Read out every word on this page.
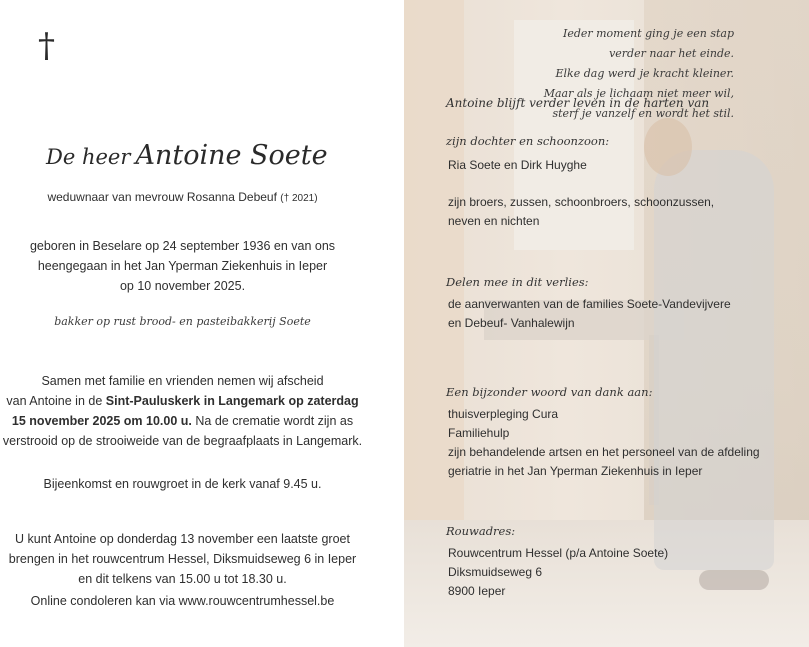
†	Ieder moment ging je een stap
verder naar het einde.
Elke dag werd je kracht kleiner.
Maar als je lichaam niet meer wil,
sterf je vanzelf en wordt het stil.
De heer Antoine Soete
weduwnaar van mevrouw Rosanna Debeuf († 2021)
geboren in Beselare op 24 september 1936 en van ons
heengegaan in het Jan Yperman Ziekenhuis in Ieper
op 10 november 2025.
bakker op rust brood- en pasteibakkerij Soete
Samen met familie en vrienden nemen wij afscheid
van Antoine in de Sint-Pauluskerk in Langemark op zaterdag
15 november 2025 om 10.00 u. Na de crematie wordt zijn as
verstrooid op de strooiweide van de begraafplaats in Langemark.
Bijeenkomst en rouwgroet in de kerk vanaf 9.45 u.
U kunt Antoine op donderdag 13 november een laatste groet
brengen in het rouwcentrum Hessel, Diksmuidseweg 6 in Ieper
en dit telkens van 15.00 u tot 18.30 u.
Online condoleren kan via www.rouwcentrumhessel.be
Antoine blijft verder leven in de harten van
zijn dochter en schoonzoon:
Ria Soete en Dirk Huyghe
zijn broers, zussen, schoonbroers, schoonzussen,
neven en nichten
Delen mee in dit verlies:
de aanverwanten van de families Soete-Vandevijvere
en Debeuf- Vanhalewijn
Een bijzonder woord van dank aan:
thuisverpleging Cura
Familiehulp
zijn behandelende artsen en het personeel van de afdeling
geriatrie in het Jan Yperman Ziekenhuis in Ieper
Rouwadres:
Rouwcentrum Hessel (p/a Antoine Soete)
Diksmuidseweg 6
8900 Ieper
